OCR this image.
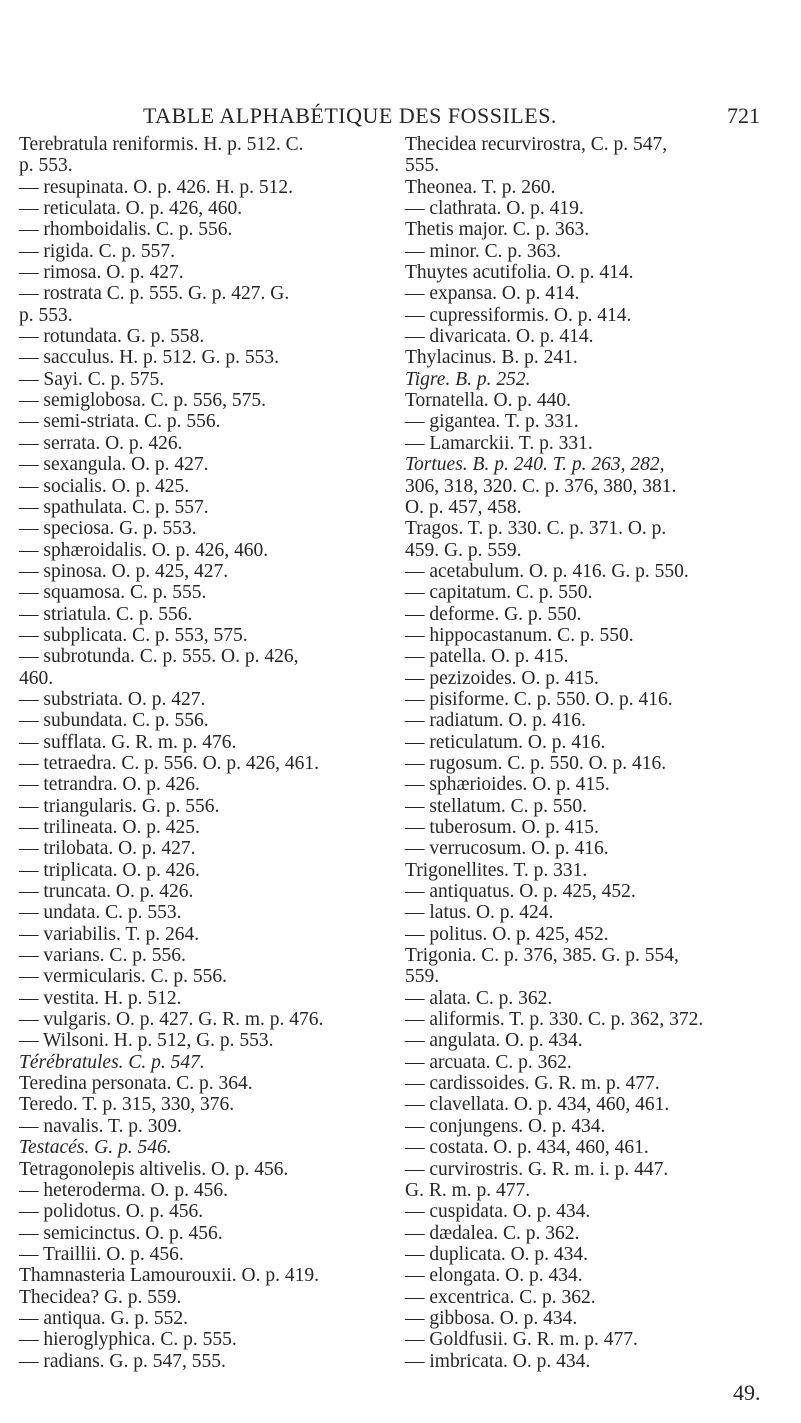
TABLE ALPHABÉTIQUE DES FOSSILES.	721

Terebratula reniformis. H. p. 512. C.

p. 553.

— resupinata. O. p. 426. H. p. 512.

— reticulata. O. p. 426, 460.

— rhomboidalis. C. p. 556.

— rigida. C. p. 557.

— rimosa. O. p. 427.

— rostrata C. p. 555. G. p. 427. G.

p. 553.

— rotundata. G. p. 558.

— sacculus. H. p. 512. G. p. 553.

— Sayi. C. p. 575.

— semiglobosa. C. p. 556, 575.

— semi-striata. C. p. 556.

— serrata. O. p. 426.

— sexangula. O. p. 427.

— socialis. O. p. 425.

— spathulata. C. p. 557.

— speciosa. G. p. 553.

— sphæroidalis. O. p. 426, 460.

— spinosa. O. p. 425, 427.

— squamosa. C. p. 555.

— striatula. C. p. 556.

— subplicata. C. p. 553, 575.

— subrotunda. C. p. 555. O. p. 426,

460.

— substriata. O. p. 427.

— subundata. C. p. 556.

— sufflata. G. R. m. p. 476.

— tetraedra. C. p. 556. O. p. 426, 461.

— tetrandra. O. p. 426.

— triangularis. G. p. 556.

— trilineata. O. p. 425.

— trilobata. O. p. 427.

— triplicata. O. p. 426.

— truncata. O. p. 426.

— undata. C. p. 553.

— variabilis. T. p. 264.

— varians. C. p. 556.

— vermicularis. C. p. 556.

— vestita. H. p. 512.

— vulgaris. O. p. 427. G. R. m. p. 476.

— Wilsoni. H. p. 512, G. p. 553.

Térébratules. C. p. 547.

Teredina personata. C. p. 364.

Teredo. T. p. 315, 330, 376.

— navalis. T. p. 309.

Testacés. G. p. 546.

Tetragonolepis altivelis. O. p. 456.

— heteroderma. O. p. 456.

— polidotus. O. p. 456.

— semicinctus. O. p. 456.

— Traillii. O. p. 456.

Thamnasteria Lamourouxii. O. p. 419.

Thecidea? G. p. 559.

— antiqua. G. p. 552.

— hieroglyphica. C. p. 555.

— radians. G. p. 547, 555.

Thecidea recurvirostra, C. p. 547,

555.

Theonea. T. p. 260.

— clathrata. O. p. 419.

Thetis major. C. p. 363.

— minor. C. p. 363.

Thuytes acutifolia. O. p. 414.

— expansa. O. p. 414.

— cupressiformis. O. p. 414.

— divaricata. O. p. 414.

Thylacinus. B. p. 241.

Tigre. B. p. 252.

Tornatella. O. p. 440.

— gigantea. T. p. 331.

— Lamarckii. T. p. 331.

Tortues. B. p. 240. T. p. 263, 282,

306, 318, 320. C. p. 376, 380, 381.

O. p. 457, 458.

Tragos. T. p. 330. C. p. 371. O. p.

459. G. p. 559.

— acetabulum. O. p. 416. G. p. 550.

— capitatum. C. p. 550.

— deforme. G. p. 550.

— hippocastanum. C. p. 550.

— patella. O. p. 415.

— pezizoides. O. p. 415.

— pisiforme. C. p. 550. O. p. 416.

— radiatum. O. p. 416.

— reticulatum. O. p. 416.

— rugosum. C. p. 550. O. p. 416.

— sphærioides. O. p. 415.

— stellatum. C. p. 550.

— tuberosum. O. p. 415.

— verrucosum. O. p. 416.

Trigonellites. T. p. 331.

— antiquatus. O. p. 425, 452.

— latus. O. p. 424.

— politus. O. p. 425, 452.

Trigonia. C. p. 376, 385. G. p. 554,

559.

— alata. C. p. 362.

— aliformis. T. p. 330. C. p. 362, 372.

— angulata. O. p. 434.

— arcuata. C. p. 362.

— cardissoides. G. R. m. p. 477.

— clavellata. O. p. 434, 460, 461.

— conjungens. O. p. 434.

— costata. O. p. 434, 460, 461.

— curvirostris. G. R. m. i. p. 447.

G. R. m. p. 477.

— cuspidata. O. p. 434.

— dædalea. C. p. 362.

— duplicata. O. p. 434.

— elongata. O. p. 434.

— excentrica. C. p. 362.

— gibbosa. O. p. 434.

— Goldfusii. G. R. m. p. 477.

— imbricata. O. p. 434.

49.
